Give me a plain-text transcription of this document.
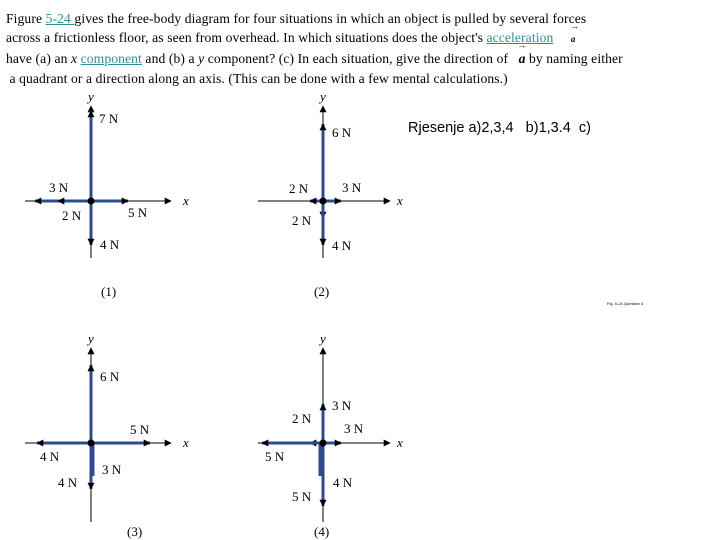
Figure 5-24 gives the free-body diagram for four situations in which an object is pulled by several forces
across a frictionless floor, as seen from overhead. In which situations does the object's acceleration     → a
have (a) an x component and (b) a y component? (c) In each situation, give the direction of   → a by naming either
a quadrant or a direction along an axis. (This can be done with a few mental calculations.)
Rjesenje a)2,3,4   b)1,3.4  c)
Fig. 5-24 Question 4
x
y
7 N
3 N
2 N	5 N
4 N
(1)
x
y
6 N
2 N	3 N
2 N
4 N
(2)
x
y
6 N
5 N
4 N
3 N
4 N
(3)
x
y
3 N
2 N
3 N
5 N
4 N
5 N
(4)
